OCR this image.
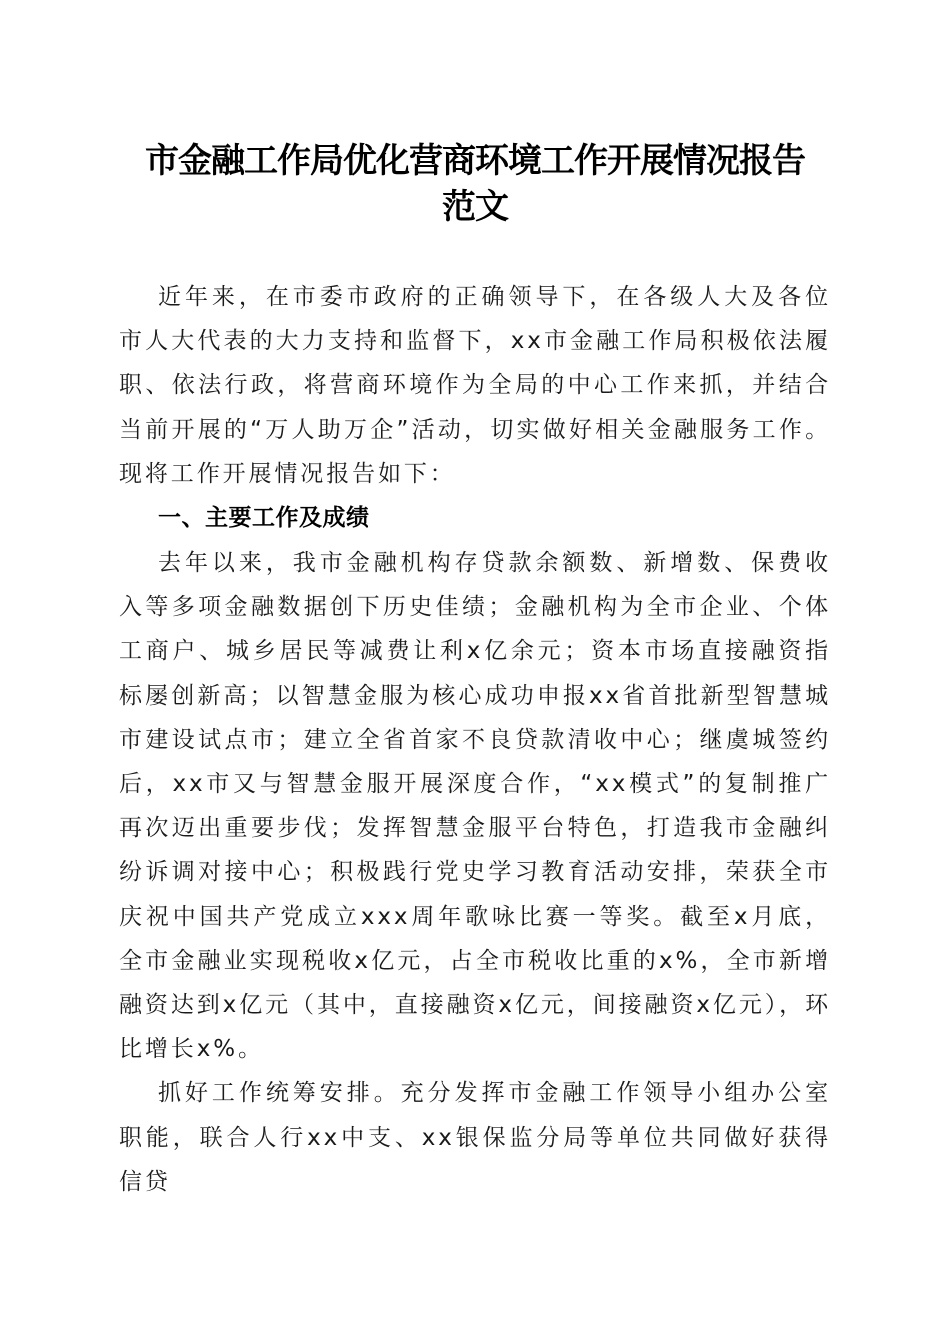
市金融工作局优化营商环境工作开展情况报告
范文

近年来，在市委市政府的正确领导下，在各级人大及各位市人大代表的大力支持和监督下，xx市金融工作局积极依法履职、依法行政，将营商环境作为全局的中心工作来抓，并结合当前开展的“万人助万企”活动，切实做好相关金融服务工作。现将工作开展情况报告如下：

一、主要工作及成绩

去年以来，我市金融机构存贷款余额数、新增数、保费收入等多项金融数据创下历史佳绩；金融机构为全市企业、个体工商户、城乡居民等减费让利x亿余元；资本市场直接融资指标屡创新高；以智慧金服为核心成功申报xx省首批新型智慧城市建设试点市；建立全省首家不良贷款清收中心；继虞城签约后，xx市又与智慧金服开展深度合作，“xx模式”的复制推广再次迈出重要步伐；发挥智慧金服平台特色，打造我市金融纠纷诉调对接中心；积极践行党史学习教育活动安排，荣获全市庆祝中国共产党成立xxx周年歌咏比赛一等奖。截至x月底，全市金融业实现税收x亿元，占全市税收比重的x%，全市新增融资达到x亿元（其中，直接融资x亿元，间接融资x亿元），环比增长x%。

抓好工作统筹安排。充分发挥市金融工作领导小组办公室职能，联合人行xx中支、xx银保监分局等单位共同做好获得信贷
